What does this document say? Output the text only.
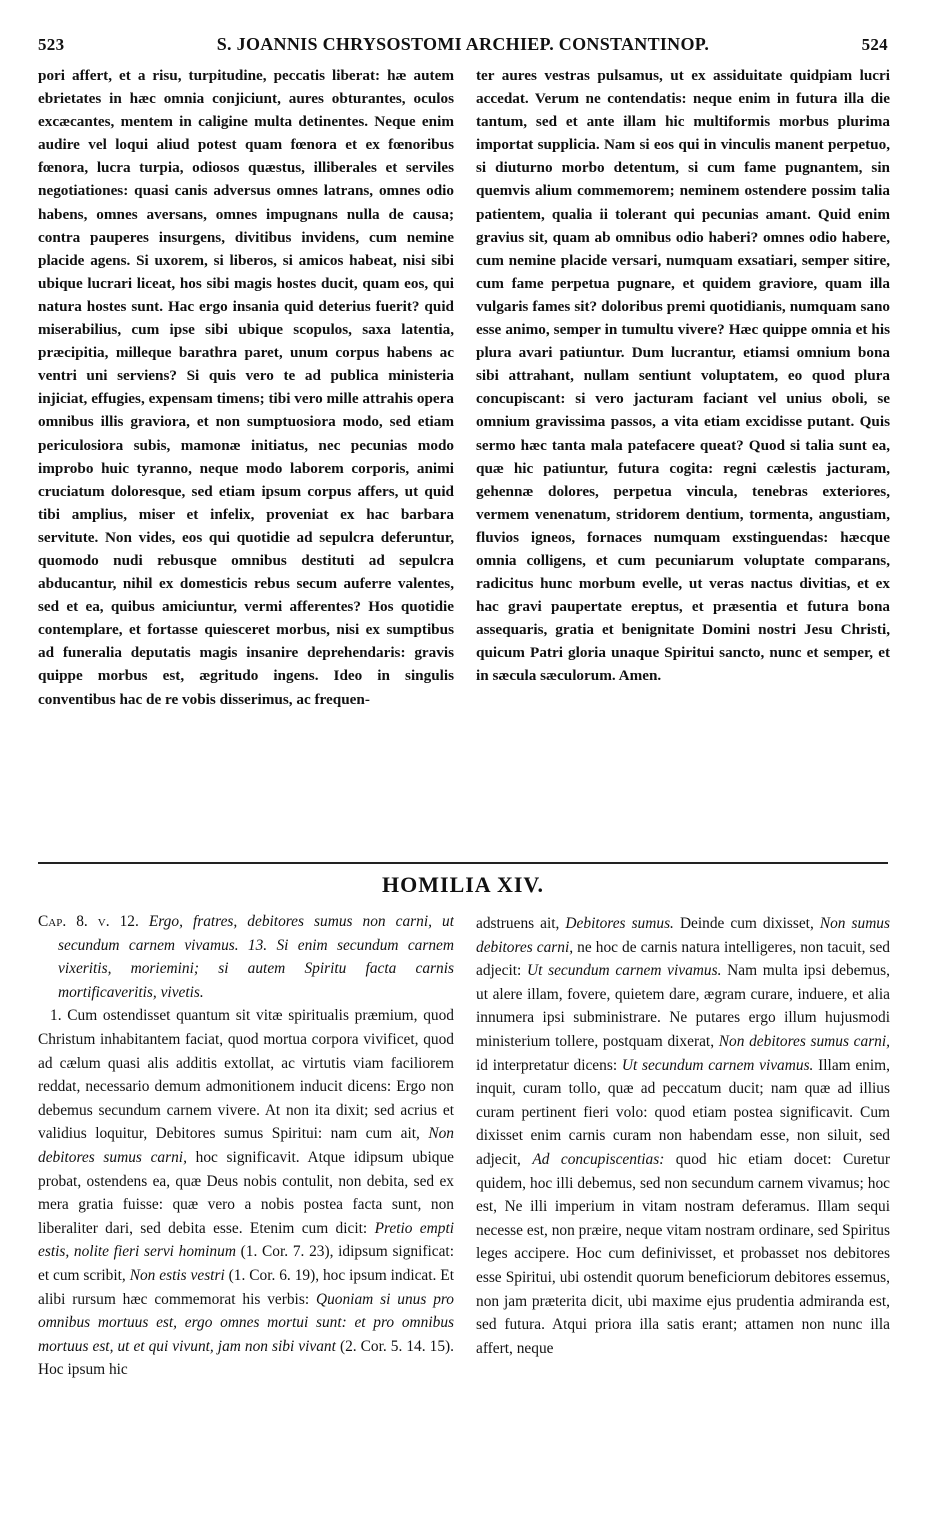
523	S. JOANNIS CHRYSOSTOMI ARCHIEP. CONSTANTINOP.	524

pori affert, et a risu, turpitudine, peccatis liberat: hæ autem ebrietates in hæc omnia conjiciunt, aures obturantes, oculos excæcantes, mentem in caligine multa detinentes. Neque enim audire vel loqui aliud potest quam fœnora et ex fœnoribus fœnora, lucra turpia, odiosos quæstus, illiberales et serviles negotiationes: quasi canis adversus omnes latrans, omnes odio habens, omnes aversans, omnes impugnans nulla de causa; contra pauperes insurgens, divitibus invidens, cum nemine placide agens. Si uxorem, si liberos, si amicos habeat, nisi sibi ubique lucrari liceat, hos sibi magis hostes ducit, quam eos, qui natura hostes sunt. Hac ergo insania quid deterius fuerit? quid miserabilius, cum ipse sibi ubique scopulos, saxa latentia, præcipitia, milleque barathra paret, unum corpus habens ac ventri uni serviens? Si quis vero te ad publica ministeria injiciat, effugies, expensam timens; tibi vero mille attrahis opera omnibus illis graviora, et non sumptuosiora modo, sed etiam periculosiora subis, mamonæ initiatus, nec pecunias modo improbo huic tyranno, neque modo laborem corporis, animi cruciatum doloresque, sed etiam ipsum corpus affers, ut quid tibi amplius, miser et infelix, proveniat ex hac barbara servitute. Non vides, eos qui quotidie ad sepulcra deferuntur, quomodo nudi rebusque omnibus destituti ad sepulcra abducantur, nihil ex domesticis rebus secum auferre valentes, sed et ea, quibus amiciuntur, vermi afferentes? Hos quotidie contemplare, et fortasse quiesceret morbus, nisi ex sumptibus ad funeralia deputatis magis insanire deprehendaris: gravis quippe morbus est, ægritudo ingens. Ideo in singulis conventibus hac de re vobis disserimus, ac frequen-

ter aures vestras pulsamus, ut ex assiduitate quidpiam lucri accedat. Verum ne contendatis: neque enim in futura illa die tantum, sed et ante illam hic multiformis morbus plurima importat supplicia. Nam si eos qui in vinculis manent perpetuo, si diuturno morbo detentum, si cum fame pugnantem, sin quemvis alium commemorem; neminem ostendere possim talia patientem, qualia ii tolerant qui pecunias amant. Quid enim gravius sit, quam ab omnibus odio haberi? omnes odio habere, cum nemine placide versari, numquam exsatiari, semper sitire, cum fame perpetua pugnare, et quidem graviore, quam illa vulgaris fames sit? doloribus premi quotidianis, numquam sano esse animo, semper in tumultu vivere? Hæc quippe omnia et his plura avari patiuntur. Dum lucrantur, etiamsi omnium bona sibi attrahant, nullam sentiunt voluptatem, eo quod plura concupiscant: si vero jacturam faciant vel unius oboli, se omnium gravissima passos, a vita etiam excidisse putant. Quis sermo hæc tanta mala patefacere queat? Quod si talia sunt ea, quæ hic patiuntur, futura cogita: regni cælestis jacturam, gehennæ dolores, perpetua vincula, tenebras exteriores, vermem venenatum, stridorem dentium, tormenta, angustiam, fluvios igneos, fornaces numquam exstinguendas: hæcque omnia colligens, et cum pecuniarum voluptate comparans, radicitus hunc morbum evelle, ut veras nactus divitias, et ex hac gravi paupertate ereptus, et præsentia et futura bona assequaris, gratia et benignitate Domini nostri Jesu Christi, quicum Patri gloria unaque Spiritui sancto, nunc et semper, et in sæcula sæculorum. Amen.

HOMILIA XIV.

Cap. 8. v. 12. Ergo, fratres, debitores sumus non carni, ut secundum carnem vivamus. 13. Si enim secundum carnem vixeritis, moriemini; si autem Spiritu facta carnis mortificaveritis, vivetis.

1. Cum ostendisset quantum sit vitæ spiritualis præmium, quod Christum inhabitantem faciat, quod mortua corpora vivificet, quod ad cælum quasi alis additis extollat, ac virtutis viam faciliorem reddat, necessario demum admonitionem inducit dicens: Ergo non debemus secundum carnem vivere. At non ita dixit; sed acrius et validius loquitur, Debitores sumus Spiritui: nam cum ait, Non debitores sumus carni, hoc significavit. Atque idipsum ubique probat, ostendens ea, quæ Deus nobis contulit, non debita, sed ex mera gratia fuisse: quæ vero a nobis postea facta sunt, non liberaliter dari, sed debita esse. Etenim cum dicit: Pretio empti estis, nolite fieri servi hominum (1. Cor. 7. 23), idipsum significat: et cum scribit, Non estis vestri (1. Cor. 6. 19), hoc ipsum indicat. Et alibi rursum hæc commemorat his verbis: Quoniam si unus pro omnibus mortuus est, ergo omnes mortui sunt: et pro omnibus mortuus est, ut et qui vivunt, jam non sibi vivant (2. Cor. 5. 14. 15). Hoc ipsum hic

adstruens ait, Debitores sumus. Deinde cum dixisset, Non sumus debitores carni, ne hoc de carnis natura intelligeres, non tacuit, sed adjecit: Ut secundum carnem vivamus. Nam multa ipsi debemus, ut alere illam, fovere, quietem dare, ægram curare, induere, et alia innumera ipsi subministrare. Ne putares ergo illum hujusmodi ministerium tollere, postquam dixerat, Non debitores sumus carni, id interpretatur dicens: Ut secundum carnem vivamus. Illam enim, inquit, curam tollo, quæ ad peccatum ducit; nam quæ ad illius curam pertinent fieri volo: quod etiam postea significavit. Cum dixisset enim carnis curam non habendam esse, non siluit, sed adjecit, Ad concupiscentias: quod hic etiam docet: Curetur quidem, hoc illi debemus, sed non secundum carnem vivamus; hoc est, Ne illi imperium in vitam nostram deferamus. Illam sequi necesse est, non præire, neque vitam nostram ordinare, sed Spiritus leges accipere. Hoc cum definivisset, et probasset nos debitores esse Spiritui, ubi ostendit quorum beneficiorum debitores essemus, non jam præterita dicit, ubi maxime ejus prudentia admiranda est, sed futura. Atqui priora illa satis erant; attamen non nunc illa affert, neque
